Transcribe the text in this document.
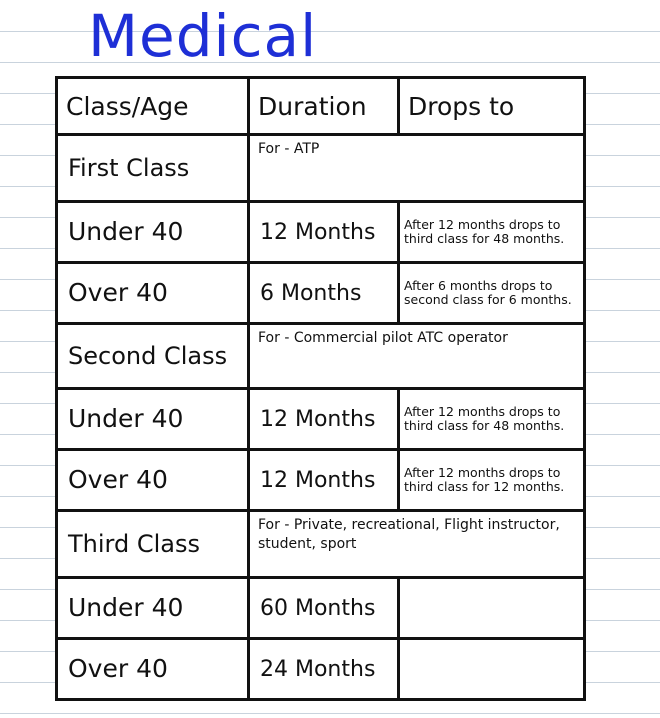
Medical
Class/Age	Duration	Drops to
First Class	For - ATP	
Under 40	12 Months	After 12 months drops to third class for 48 months.
Over 40	6 Months	After 6 months drops to second class for 6 months.
Second Class	For - Commercial pilot ATC operator	
Under 40	12 Months	After 12 months drops to third class for 48 months.
Over 40	12 Months	After 12 months drops to third class for 12 months.
Third Class	For - Private, recreational, Flight instructor, student, sport	
Under 40	60 Months	
Over 40	24 Months	
